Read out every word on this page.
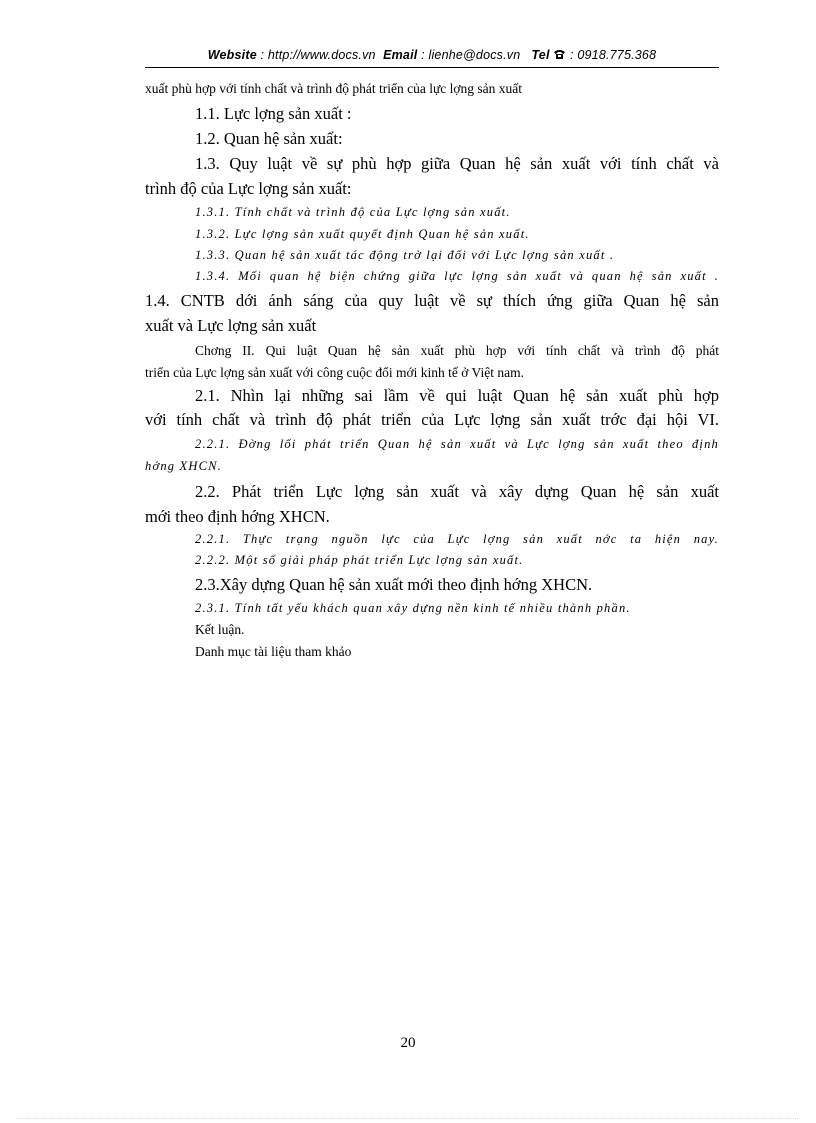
Website : http://www.docs.vn Email : lienhe@docs.vn Tel : 0918.775.368
xuất phù hợp với tính chất và trình độ phát triển của lực lợng sản xuất
1.1. Lực lợng sản xuất :
1.2. Quan hệ sản xuất:
1.3. Quy luật về sự phù hợp giữa Quan hệ sản xuất với tính chất và
trình độ của Lực lợng sản xuất:
1.3.1. Tính chất và trình độ của Lực lợng sản xuất.
1.3.2. Lực lợng sản xuất quyết định Quan hệ sản xuất.
1.3.3. Quan hệ sản xuất tác động trở lại đối với Lực lợng sản xuất .
1.3.4. Mối quan hệ biện chứng giữa lực lợng sản xuất và quan hệ sản xuất .
1.4. CNTB dới ánh sáng của quy luật về sự thích ứng giữa Quan hệ sản
xuất và Lực lợng sản xuất
Chơng II. Qui luật Quan hệ sản xuất phù hợp với tính chất và trình độ phát
triển của Lực lợng sản xuất với công cuộc đổi mới kinh tế ở Việt nam.
2.1. Nhìn lại những sai lầm về qui luật Quan hệ sản xuất phù hợp
với tính chất và trình độ phát triển của Lực lợng sản xuất trớc đại hội VI.
2.2.1. Đờng lối phát triển Quan hệ sản xuất và Lực lợng sản xuất theo định
hớng XHCN.
2.2. Phát triển Lực lợng sản xuất và xây dựng Quan hệ sản xuất
mới theo định hớng XHCN.
2.2.1. Thực trạng nguồn lực của Lực lợng sản xuất nớc ta hiện nay.
2.2.2. Một số giải pháp phát triển Lực lợng sản xuất.
2.3.Xây dựng Quan hệ sản xuất mới theo định hớng XHCN.
2.3.1. Tính tất yếu khách quan xây dựng nền kinh tế nhiều thành phần.
Kết luận.
Danh mục tài liệu tham khảo
20
